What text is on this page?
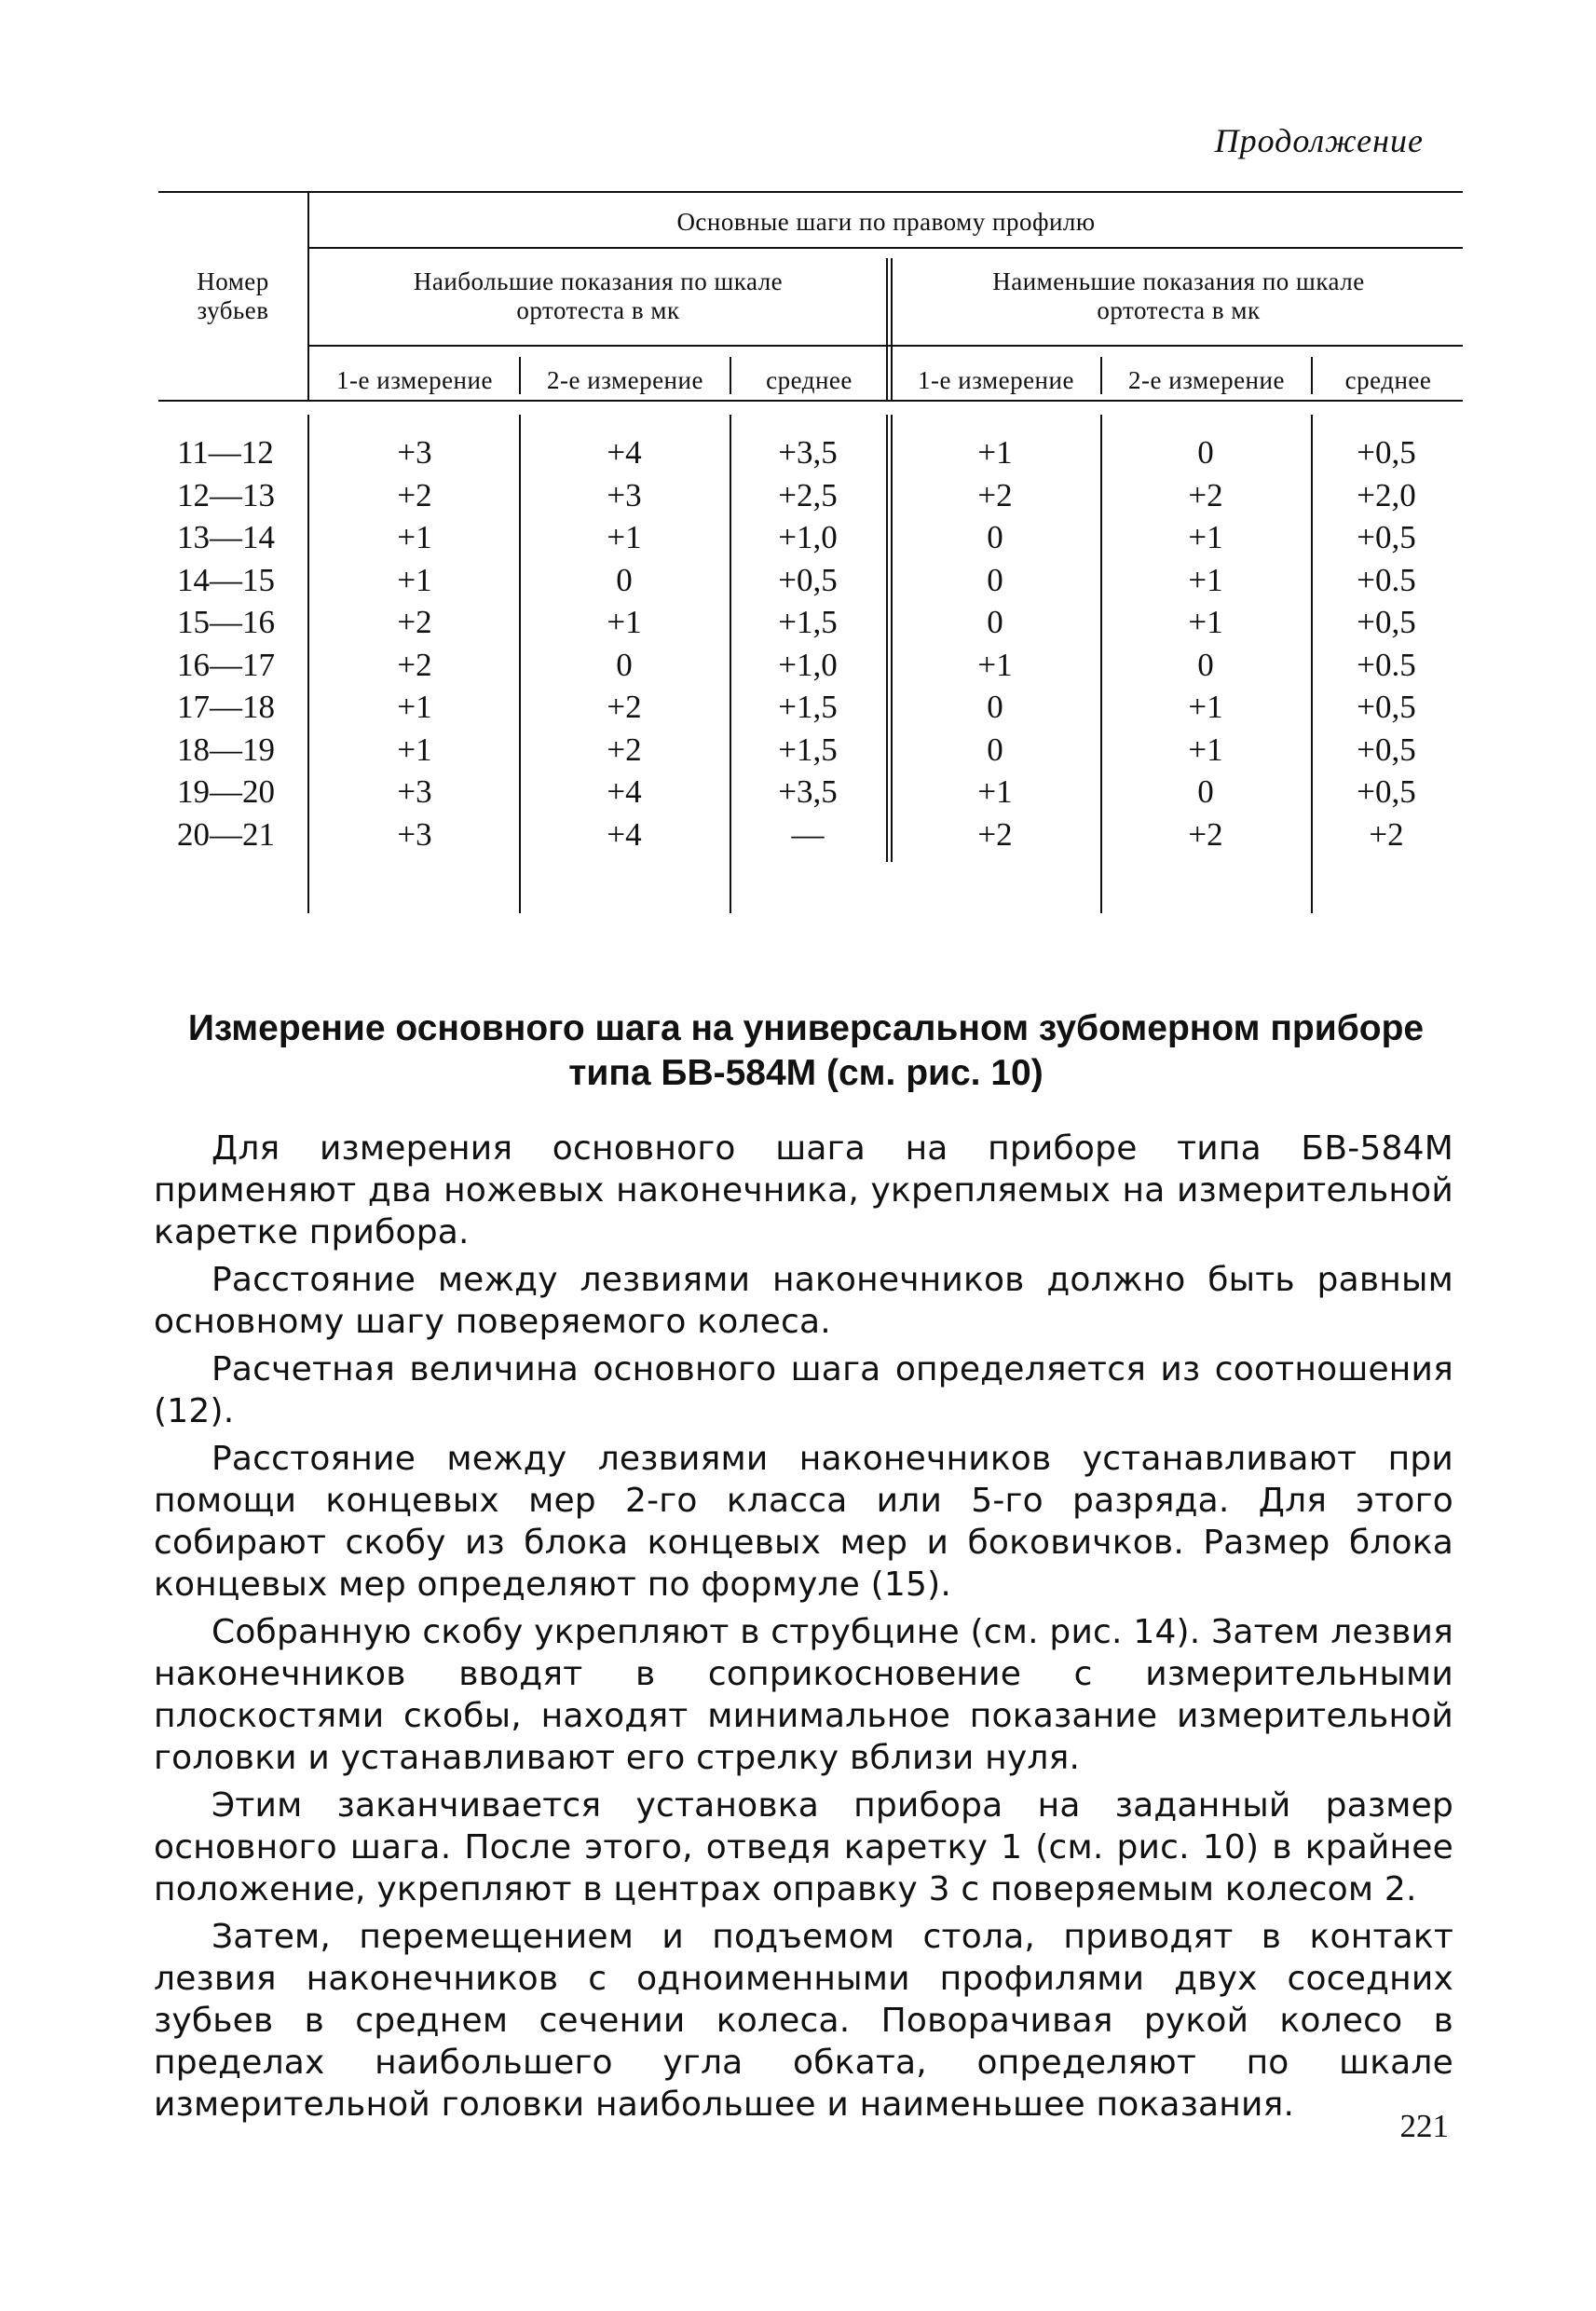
Продолжение
Номер
зубьев
Основные шаги по правому профилю
Наибольшие показания по шкале
ортотеста в мк
Наименьшие показания по шкале
ортотеста в мк
1-е измерение	2-е измерение	среднее	1-е измерение	2-е измерение	среднее
11—12	+3	+4	+3,5	+1	0	+0,5
12—13	+2	+3	+2,5	+2	+2	+2,0
13—14	+1	+1	+1,0	0	+1	+0,5
14—15	+1	0	+0,5	0	+1	+0.5
15—16	+2	+1	+1,5	0	+1	+0,5
16—17	+2	0	+1,0	+1	0	+0.5
17—18	+1	+2	+1,5	0	+1	+0,5
18—19	+1	+2	+1,5	0	+1	+0,5
19—20	+3	+4	+3,5	+1	0	+0,5
20—21	+3	+4	—	+2	+2	+2
Измерение основного шага на универсальном зубомерном приборе типа БВ-584М (см. рис. 10)

Для измерения основного шага на приборе типа БВ-584М применяют два ножевых наконечника, укрепляемых на измерительной каретке прибора.

Расстояние между лезвиями наконечников должно быть равным основному шагу поверяемого колеса.

Расчетная величина основного шага определяется из соотношения (12).

Расстояние между лезвиями наконечников устанавливают при помощи концевых мер 2-го класса или 5-го разряда. Для этого собирают скобу из блока концевых мер и боковичков. Размер блока концевых мер определяют по формуле (15).

Собранную скобу укрепляют в струбцине (см. рис. 14). Затем лезвия наконечников вводят в соприкосновение с измерительными плоскостями скобы, находят минимальное показание измерительной головки и устанавливают его стрелку вблизи нуля.

Этим заканчивается установка прибора на заданный размер основного шага. После этого, отведя каретку 1 (см. рис. 10) в крайнее положение, укрепляют в центрах оправку 3 с поверяемым колесом 2.

Затем, перемещением и подъемом стола, приводят в контакт лезвия наконечников с одноименными профилями двух соседних зубьев в среднем сечении колеса. Поворачивая рукой колесо в пределах наибольшего угла обката, определяют по шкале измерительной головки наибольшее и наименьшее показания.

221
